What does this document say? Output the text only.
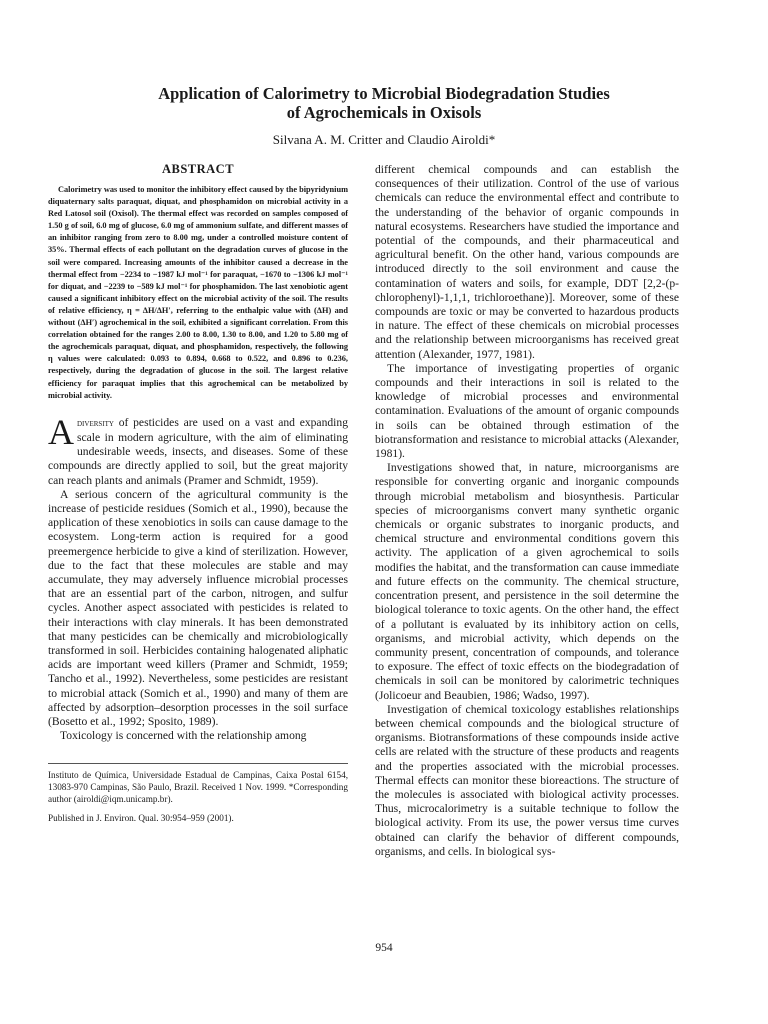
Application of Calorimetry to Microbial Biodegradation Studies
of Agrochemicals in Oxisols
Silvana A. M. Critter and Claudio Airoldi*
ABSTRACT

Calorimetry was used to monitor the inhibitory effect caused by the bipyridynium diquaternary salts paraquat, diquat, and phosphamidon on microbial activity in a Red Latosol soil (Oxisol). The thermal effect was recorded on samples composed of 1.50 g of soil, 6.0 mg of glucose, 6.0 mg of ammonium sulfate, and different masses of an inhibitor ranging from zero to 8.00 mg, under a controlled moisture content of 35%. Thermal effects of each pollutant on the degradation curves of glucose in the soil were compared. Increasing amounts of the inhibitor caused a decrease in the thermal effect from −2234 to −1987 kJ mol⁻¹ for paraquat, −1670 to −1306 kJ mol⁻¹ for diquat, and −2239 to −589 kJ mol⁻¹ for phosphamidon. The last xenobiotic agent caused a significant inhibitory effect on the microbial activity of the soil. The results of relative efficiency, η = ΔH/ΔH′, referring to the enthalpic value with (ΔH) and without (ΔH′) agrochemical in the soil, exhibited a significant correlation. From this correlation obtained for the ranges 2.00 to 8.00, 1.30 to 8.00, and 1.20 to 5.80 mg of the agrochemicals paraquat, diquat, and phosphamidon, respectively, the following η values were calculated: 0.093 to 0.894, 0.668 to 0.522, and 0.896 to 0.236, respectively, during the degradation of glucose in the soil. The largest relative efficiency for paraquat implies that this agrochemical can be metabolized by microbial activity.

Adiversity of pesticides are used on a vast and expanding scale in modern agriculture, with the aim of eliminating undesirable weeds, insects, and diseases. Some of these compounds are directly applied to soil, but the great majority can reach plants and animals (Pramer and Schmidt, 1959).

A serious concern of the agricultural community is the increase of pesticide residues (Somich et al., 1990), because the application of these xenobiotics in soils can cause damage to the ecosystem. Long-term action is required for a good preemergence herbicide to give a kind of sterilization. However, due to the fact that these molecules are stable and may accumulate, they may adversely influence microbial processes that are an essential part of the carbon, nitrogen, and sulfur cycles. Another aspect associated with pesticides is related to their interactions with clay minerals. It has been demonstrated that many pesticides can be chemically and microbiologically transformed in soil. Herbicides containing halogenated aliphatic acids are important weed killers (Pramer and Schmidt, 1959; Tancho et al., 1992). Nevertheless, some pesticides are resistant to microbial attack (Somich et al., 1990) and many of them are affected by adsorption–desorption processes in the soil surface (Bosetto et al., 1992; Sposito, 1989).

Toxicology is concerned with the relationship among

Instituto de Química, Universidade Estadual de Campinas, Caixa Postal 6154, 13083-970 Campinas, São Paulo, Brazil. Received 1 Nov. 1999. *Corresponding author (airoldi@iqm.unicamp.br).

Published in J. Environ. Qual. 30:954–959 (2001).

different chemical compounds and can establish the consequences of their utilization. Control of the use of various chemicals can reduce the environmental effect and contribute to the understanding of the behavior of organic compounds in natural ecosystems. Researchers have studied the importance and potential of the compounds, and their pharmaceutical and agricultural benefit. On the other hand, various compounds are introduced directly to the soil environment and cause the contamination of waters and soils, for example, DDT [2,2-(p-chlorophenyl)-1,1,1, trichloroethane)]. Moreover, some of these compounds are toxic or may be converted to hazardous products in nature. The effect of these chemicals on microbial processes and the relationship between microorganisms has received great attention (Alexander, 1977, 1981).

The importance of investigating properties of organic compounds and their interactions in soil is related to the knowledge of microbial processes and environmental contamination. Evaluations of the amount of organic compounds in soils can be obtained through estimation of the biotransformation and resistance to microbial attacks (Alexander, 1981).

Investigations showed that, in nature, microorganisms are responsible for converting organic and inorganic compounds through microbial metabolism and biosynthesis. Particular species of microorganisms convert many synthetic organic chemicals or organic substrates to inorganic products, and chemical structure and environmental conditions govern this activity. The application of a given agrochemical to soils modifies the habitat, and the transformation can cause immediate and future effects on the community. The chemical structure, concentration present, and persistence in the soil determine the biological tolerance to toxic agents. On the other hand, the effect of a pollutant is evaluated by its inhibitory action on cells, organisms, and microbial activity, which depends on the community present, concentration of compounds, and tolerance to exposure. The effect of toxic effects on the biodegradation of chemicals in soil can be monitored by calorimetric techniques (Jolicoeur and Beaubien, 1986; Wadso, 1997).

Investigation of chemical toxicology establishes relationships between chemical compounds and the biological structure of organisms. Biotransformations of these compounds inside active cells are related with the structure of these products and reagents and the properties associated with the microbial processes. Thermal effects can monitor these bioreactions. The structure of the molecules is associated with biological activity processes. Thus, microcalorimetry is a suitable technique to follow the biological activity. From its use, the power versus time curves obtained can clarify the behavior of different compounds, organisms, and cells. In biological sys-

954
